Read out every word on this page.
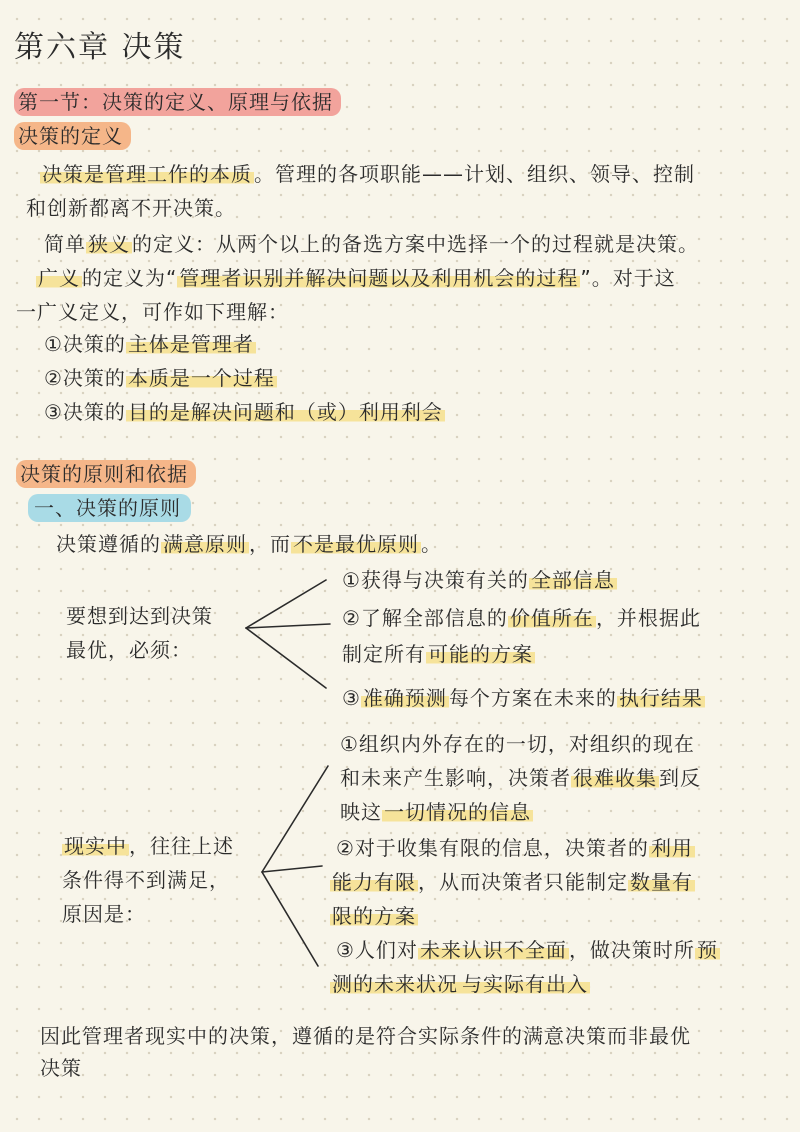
第六章 决策
第一节：决策的定义、原理与依据
决策的定义
决策是管理工作的本质 。管理的各项职能——计划、组织、领导、控制
和创新都离不开决策。
简单 狭义 的定义：从两个以上的备选方案中选择一个的过程就是决策。
广义 的定义为“ 管理者识别并解决问题以及利用机会的过程 ”。对于这
一广义定义，可作如下理解：
①决策的 主体是管理者
②决策的 本质是一个过程
③决策的 目的是解决问题和（或）利用利会
决策的原则和依据
一、决策的原则
决策遵循的 满意原则 ，而 不是最优原则 。
要想到达到决策
最优，必须：
①获得与决策有关的 全部信息
②了解全部信息的 价值所在 ，并根据此
制定所有 可能的方案
③ 准确预测 每个方案在未来的 执行结果
现实中 ，往往上述
条件得不到满足，
原因是：
①组织内外存在的一切，对组织的现在
和未来产生影响，决策者 很难收集 到反
映这 一切情况的信息
②对于收集有限的信息，决策者的 利用
能力有限 ，从而决策者只能制定 数量有
限的方案
③人们对 未来认识不全面 ，做决策时所 预
测的未来状况 与实际有出入
因此管理者现实中的决策，遵循的是符合实际条件的满意决策而非最优
决策
